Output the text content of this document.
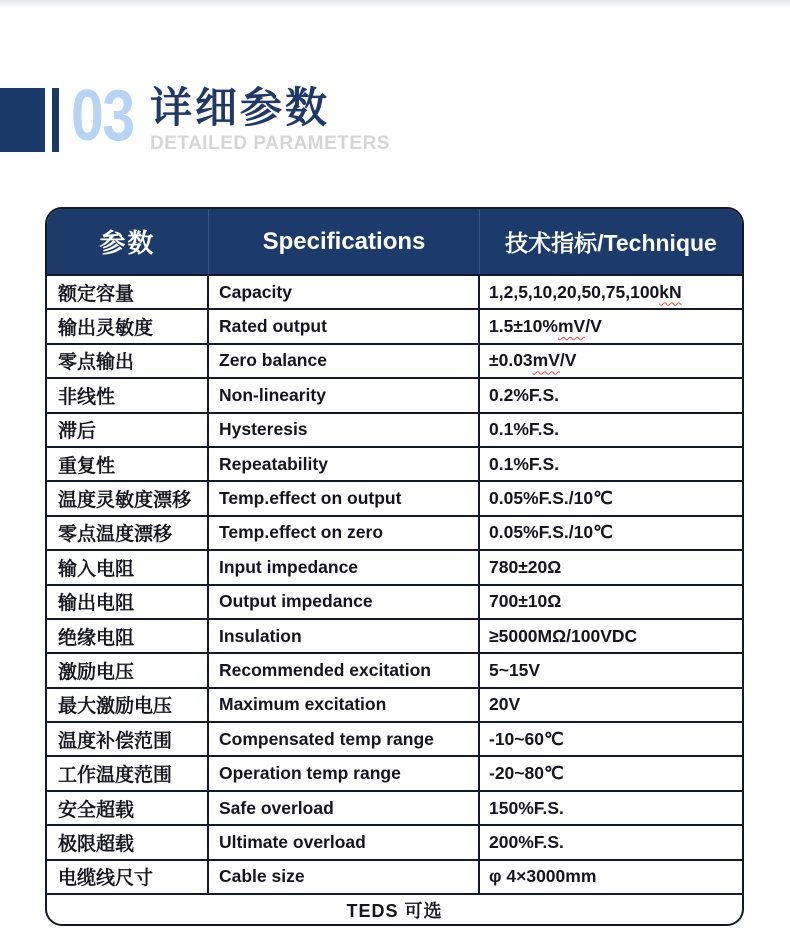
03 详细参数
DETAILED PARAMETERS
参数	Specifications	技术指标/Technique
额定容量	Capacity	1,2,5,10,20,50,75,100 kN
输出灵敏度	Rated output	1.5±10% mV /V
零点输出	Zero balance	±0.03 mV /V
非线性	Non-linearity	0.2%F.S.
滞后	Hysteresis	0.1%F.S.
重复性	Repeatability	0.1%F.S.
温度灵敏度漂移	Temp.effect on output	0.05%F.S./10℃
零点温度漂移	Temp.effect on zero	0.05%F.S./10℃
输入电阻	Input impedance	780±20Ω
输出电阻	Output impedance	700±10Ω
绝缘电阻	Insulation	≥5000MΩ/100VDC
激励电压	Recommended excitation	5~15V
最大激励电压	Maximum excitation	20V
温度补偿范围	Compensated temp range	-10~60℃
工作温度范围	Operation temp range	-20~80℃
安全超载	Safe overload	150%F.S.
极限超载	Ultimate overload	200%F.S.
电缆线尺寸	Cable size	φ 4×3000mm
TEDS 可选
